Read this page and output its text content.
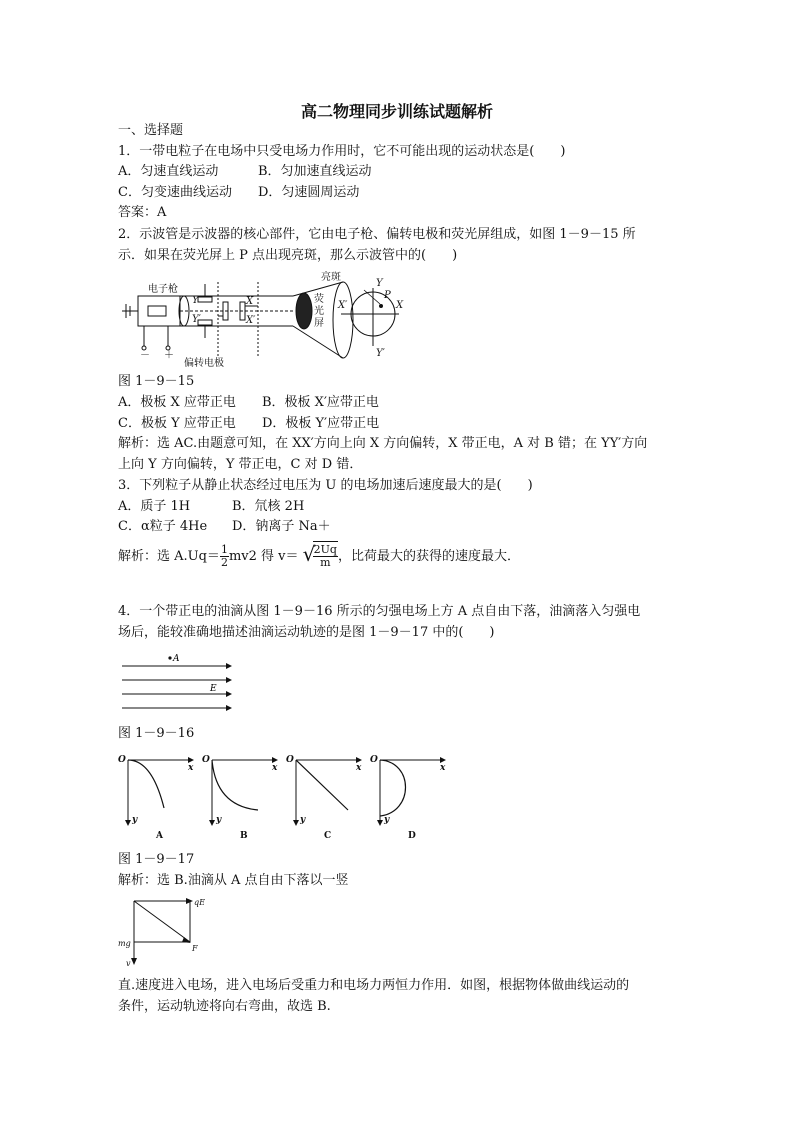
高二物理同步训练试题解析
一、选择题
1．一带电粒子在电场中只受电场力作用时，它不可能出现的运动状态是(　　)
A．匀速直线运动	B．匀加速直线运动
C．匀变速曲线运动 D．匀速圆周运动
答案：A
2．示波管是示波器的核心部件，它由电子枪、偏转电极和荧光屏组成，如图 1－9－15 所
示．如果在荧光屏上 P 点出现亮斑，那么示波管中的(　　)
电子枪
偏转电极
亮斑
荧
光
屏
－ ＋
Y
Y′
X
X′
Y
P
X
X′
Y′
图 1－9－15
A．极板 X 应带正电 B．极板 X′应带正电
C．极板 Y 应带正电 D．极板 Y′应带正电
解析：选 AC.由题意可知，在 XX′方向上向 X 方向偏转，X 带正电，A 对 B 错；在 YY′方向
上向 Y 方向偏转，Y 带正电，C 对 D 错．
3．下列粒子从静止状态经过电压为 U 的电场加速后速度最大的是(　　)
A．质子 1H	B．氘核 2H
C．α粒子 4He D．钠离子 Na＋
解析：选 $A.Uq= \frac{1}{2} mv2$ 得 v＝ √
$\frac{2Uq}{m}$ ，比荷最大的获得的速度最大．
4．一个带正电的油滴从图 1－9－16 所示的匀强电场上方 A 点自由下落，油滴落入匀强电
场后，能较准确地描述油滴运动轨迹的是图 1－9－17 中的(　　)
A
E
图 1－9－16
O
x
y
A
O
x
y
B
O
x
y
C
O
x
y
D
图 1－9－17
解析：选 B.油滴从 A 点自由下落以一竖
qE
mg
F
v
直.速度进入电场，进入电场后受重力和电场力两恒力作用．如图，根据物体做曲线运动的
条件，运动轨迹将向右弯曲，故选 B.
